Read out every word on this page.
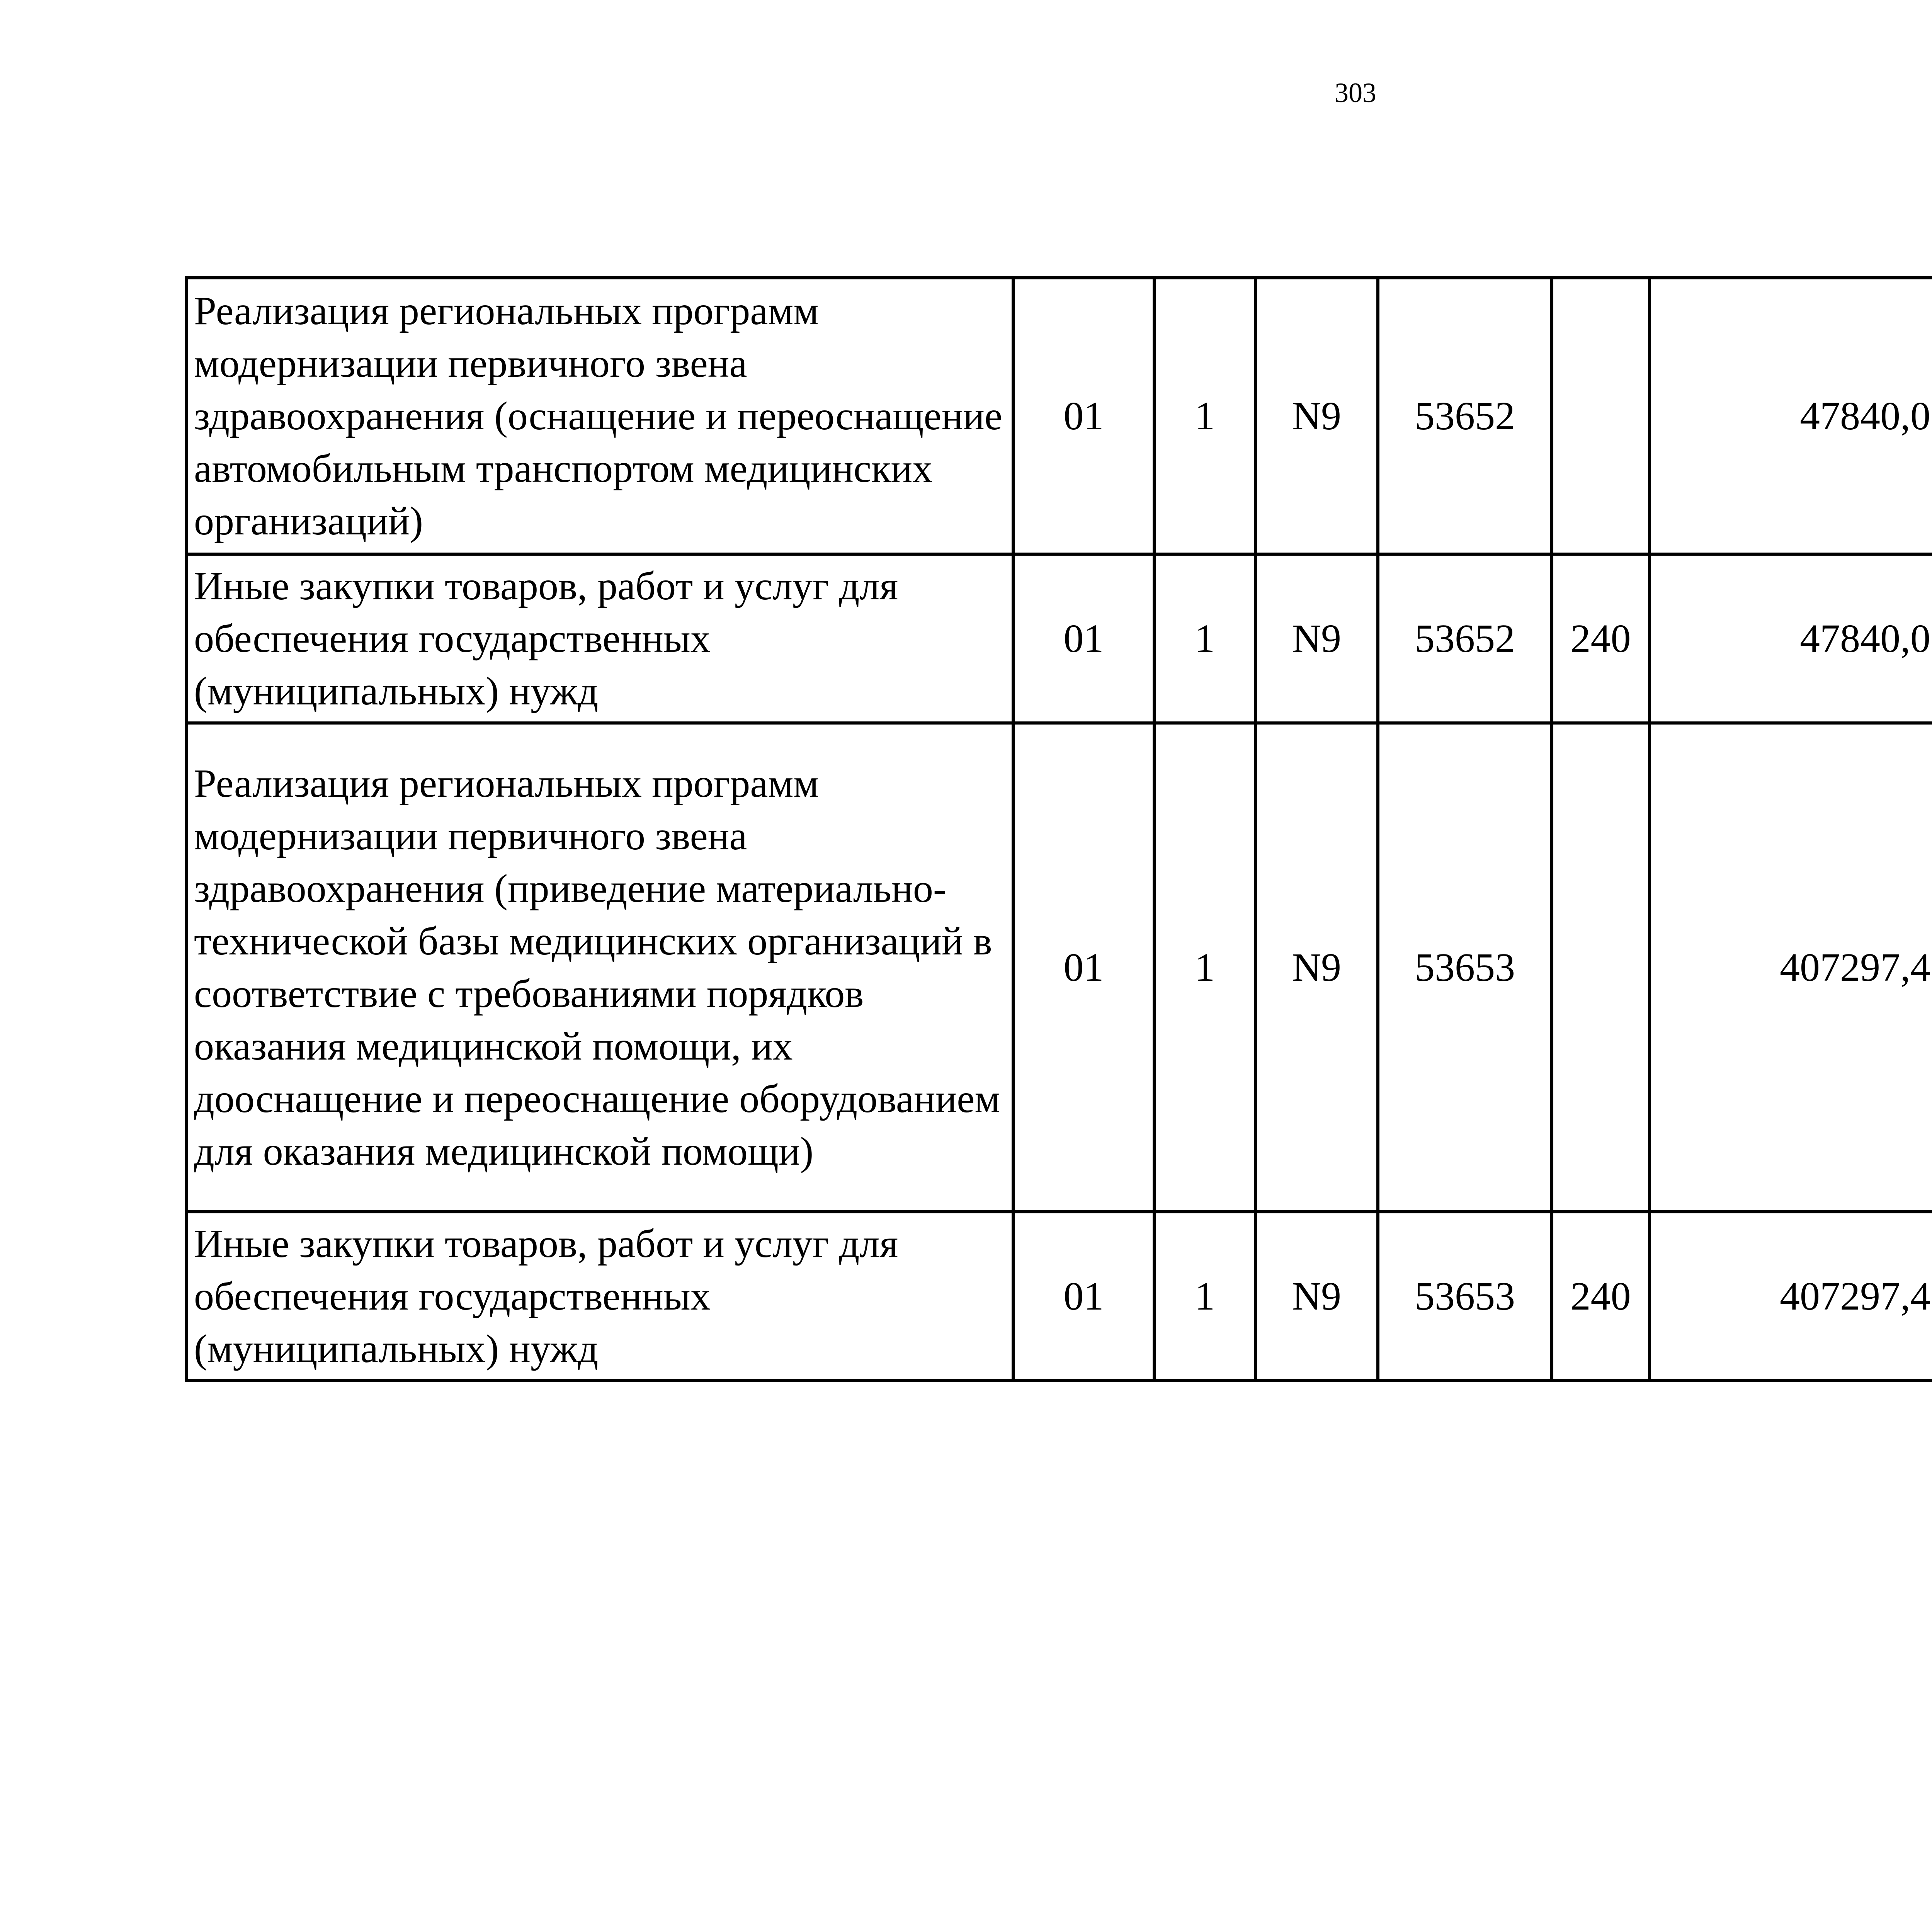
303
Реализация региональных программ модернизации первичного звена здравоохранения (оснащение и переоснащение автомобильным транспортом медицинских организаций)	01	1	N9	53652		47840,0		
Иные закупки товаров, работ и услуг для обеспечения государственных (муниципальных) нужд	01	1	N9	53652	240	47840,0		
Реализация региональных программ модернизации первичного звена здравоохранения (приведение материально-технической базы медицинских организаций в соответствие с требованиями порядков оказания медицинской помощи, их дооснащение и переоснащение оборудованием для оказания медицинской помощи)	01	1	N9	53653		407297,4		
Иные закупки товаров, работ и услуг для обеспечения государственных (муниципальных) нужд	01	1	N9	53653	240	407297,4		
